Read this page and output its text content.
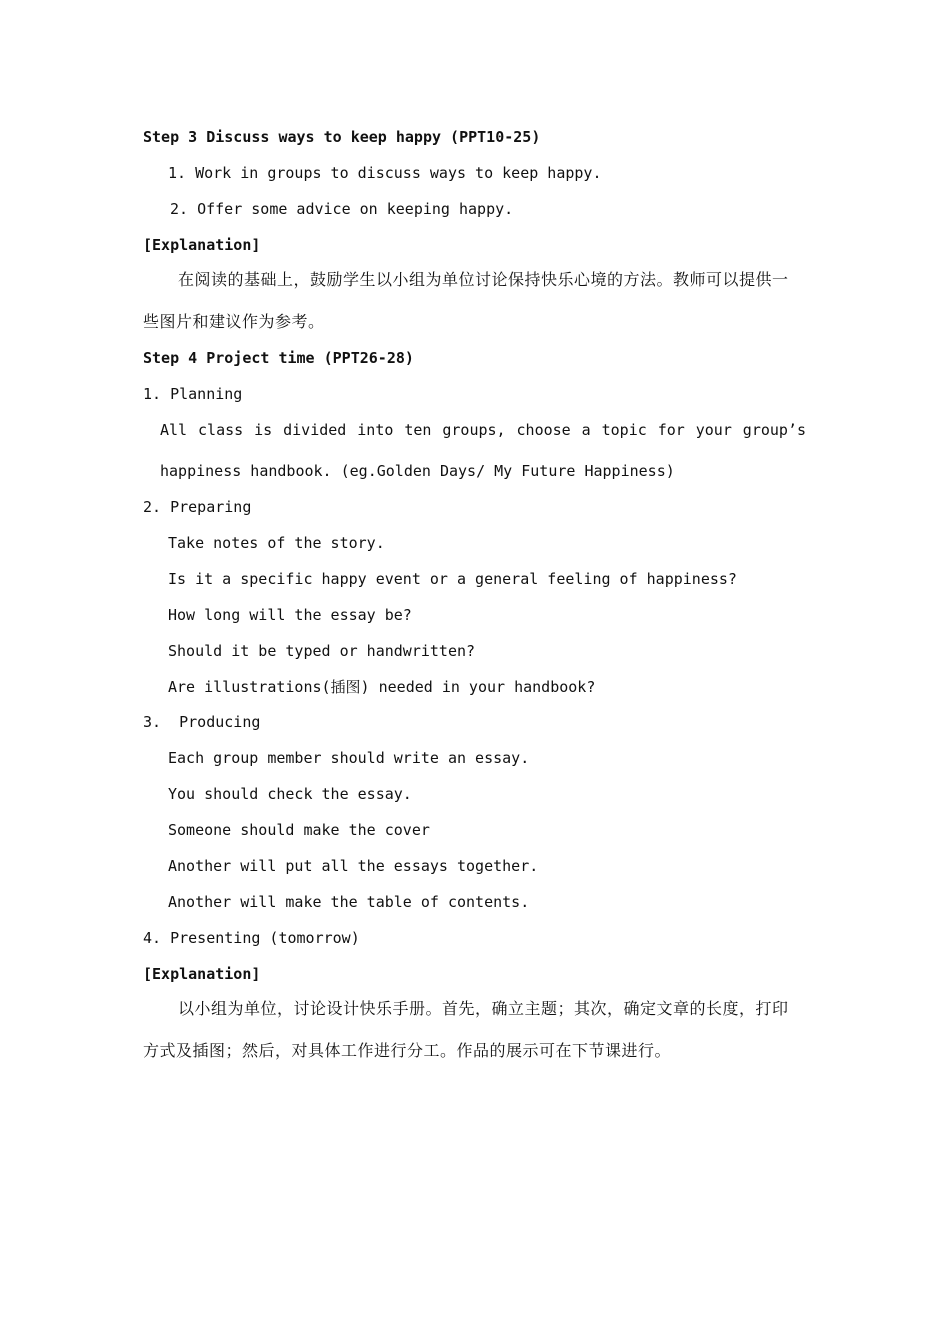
Step 3 Discuss ways to keep happy (PPT10-25)
1. Work in groups to discuss ways to keep happy.
2. Offer some advice on keeping happy.
[Explanation]
在阅读的基础上，鼓励学生以小组为单位讨论保持快乐心境的方法。教师可以提供一
些图片和建议作为参考。
Step 4 Project time (PPT26-28)
1. Planning
All class is divided into ten groups, choose a topic for your group’s
happiness handbook. (eg.Golden Days/ My Future Happiness)
2. Preparing
Take notes of the story.
Is it a specific happy event or a general feeling of happiness?
How long will the essay be?
Should it be typed or handwritten?
Are illustrations(插图) needed in your handbook?
3.  Producing
Each group member should write an essay.
You should check the essay.
Someone should make the cover
Another will put all the essays together.
Another will make the table of contents.
4. Presenting (tomorrow)
[Explanation]
以小组为单位，讨论设计快乐手册。首先，确立主题；其次，确定文章的长度，打印
方式及插图；然后，对具体工作进行分工。作品的展示可在下节课进行。
